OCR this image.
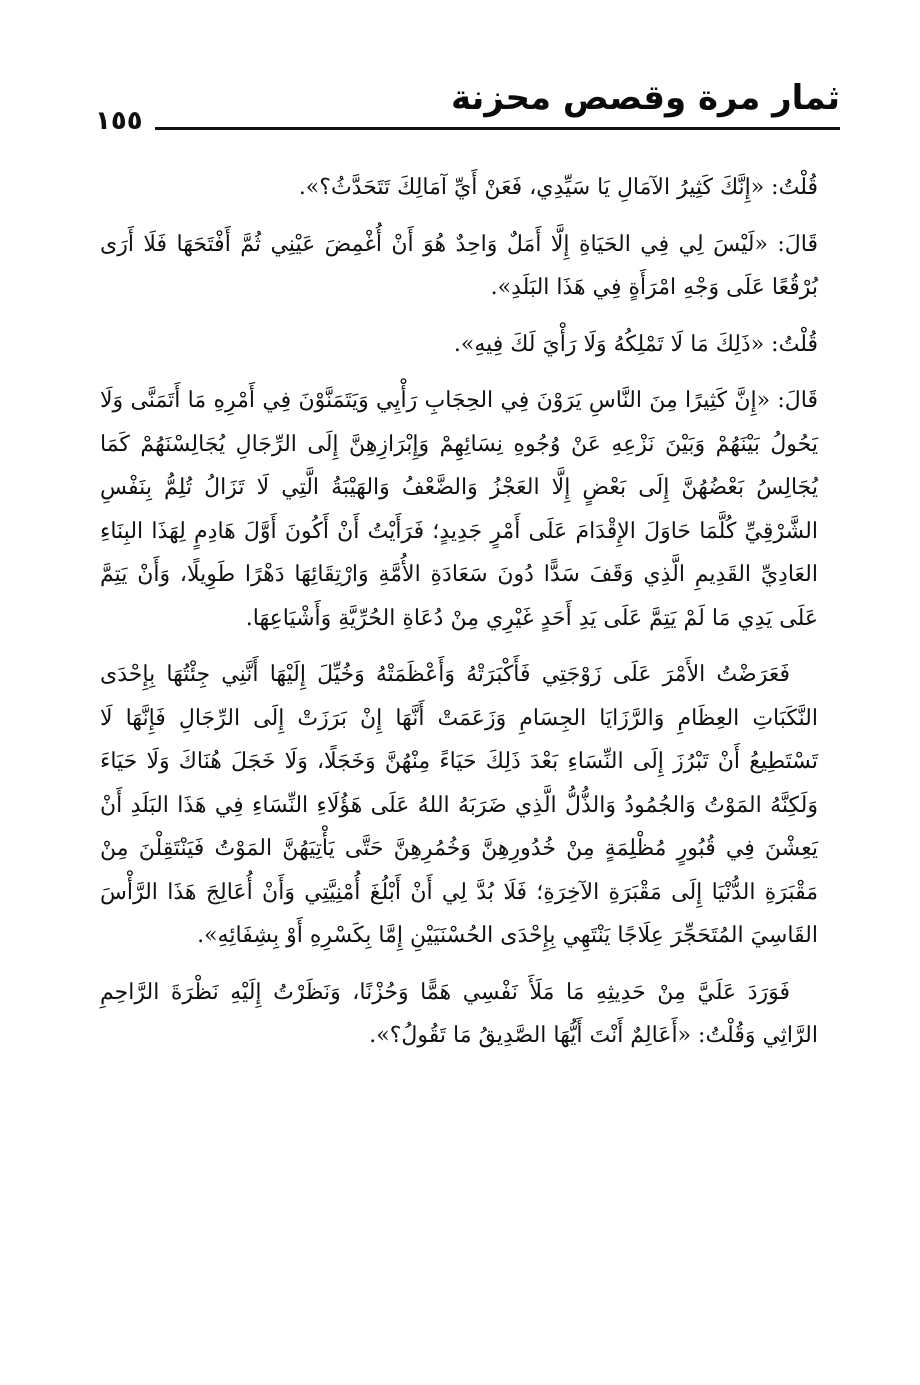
ثمار مرة وقصص محزنة
١٥٥

قُلْتُ: «إِنَّكَ كَثِيرُ الآمَالِ يَا سَيِّدِي، فَعَنْ أَيِّ آمَالِكَ تَتَحَدَّثُ؟».

قَالَ: «لَيْسَ لِي فِي الحَيَاةِ إِلَّا أَمَلٌ وَاحِدٌ هُوَ أَنْ أُغْمِضَ عَيْنِي ثُمَّ أَفْتَحَهَا فَلَا أَرَى بُرْقُعًا عَلَى وَجْهِ امْرَأَةٍ فِي هَذَا البَلَدِ».

قُلْتُ: «ذَلِكَ مَا لَا تَمْلِكُهُ وَلَا رَأْيَ لَكَ فِيهِ».

قَالَ: «إِنَّ كَثِيرًا مِنَ النَّاسِ يَرَوْنَ فِي الحِجَابِ رَأْيِي وَيَتَمَنَّوْنَ فِي أَمْرِهِ مَا أَتَمَنَّى وَلَا يَحُولُ بَيْنَهُمْ وَبَيْنَ نَزْعِهِ عَنْ وُجُوهِ نِسَائِهِمْ وَإِبْرَازِهِنَّ إِلَى الرِّجَالِ يُجَالِسْنَهُمْ كَمَا يُجَالِسُ بَعْضُهُنَّ إِلَى بَعْضٍ إِلَّا العَجْزُ وَالضَّعْفُ وَالهَيْبَةُ الَّتِي لَا تَزَالُ تُلِمُّ بِنَفْسِ الشَّرْقِيِّ كُلَّمَا حَاوَلَ الإِقْدَامَ عَلَى أَمْرٍ جَدِيدٍ؛ فَرَأَيْتُ أَنْ أَكُونَ أَوَّلَ هَادِمٍ لِهَذَا البِنَاءِ العَادِيِّ القَدِيمِ الَّذِي وَقَفَ سَدًّا دُونَ سَعَادَةِ الأُمَّةِ وَارْتِقَائِهَا دَهْرًا طَوِيلًا، وَأَنْ يَتِمَّ عَلَى يَدِي مَا لَمْ يَتِمَّ عَلَى يَدِ أَحَدٍ غَيْرِي مِنْ دُعَاةِ الحُرِّيَّةِ وَأَشْيَاعِهَا.

فَعَرَضْتُ الأَمْرَ عَلَى زَوْجَتِي فَأَكْبَرَتْهُ وَأَعْظَمَتْهُ وَخُيِّلَ إِلَيْهَا أَنَّنِي جِئْتُهَا بِإِحْدَى النَّكَبَاتِ العِظَامِ وَالرَّزَايَا الجِسَامِ وَزَعَمَتْ أَنَّهَا إِنْ بَرَزَتْ إِلَى الرِّجَالِ فَإِنَّهَا لَا تَسْتَطِيعُ أَنْ تَبْرُزَ إِلَى النِّسَاءِ بَعْدَ ذَلِكَ حَيَاءً مِنْهُنَّ وَخَجَلًا، وَلَا خَجَلَ هُنَاكَ وَلَا حَيَاءَ وَلَكِنَّهُ المَوْتُ وَالجُمُودُ وَالذُّلُّ الَّذِي ضَرَبَهُ اللهُ عَلَى هَؤُلَاءِ النِّسَاءِ فِي هَذَا البَلَدِ أَنْ يَعِشْنَ فِي قُبُورٍ مُظْلِمَةٍ مِنْ خُدُورِهِنَّ وَخُمُرِهِنَّ حَتَّى يَأْتِيَهُنَّ المَوْتُ فَيَنْتَقِلْنَ مِنْ مَقْبَرَةِ الدُّنْيَا إِلَى مَقْبَرَةِ الآخِرَةِ؛ فَلَا بُدَّ لِي أَنْ أَبْلُغَ أُمْنِيَّتِي وَأَنْ أُعَالِجَ هَذَا الرَّأْسَ القَاسِيَ المُتَحَجِّرَ عِلَاجًا يَنْتَهِي بِإِحْدَى الحُسْنَيَيْنِ إِمَّا بِكَسْرِهِ أَوْ بِشِفَائِهِ».

فَوَرَدَ عَلَيَّ مِنْ حَدِيثِهِ مَا مَلَأَ نَفْسِي هَمًّا وَحُزْنًا، وَنَظَرْتُ إِلَيْهِ نَظْرَةَ الرَّاحِمِ الرَّاثِي وَقُلْتُ: «أَعَالِمٌ أَنْتَ أَيُّهَا الصَّدِيقُ مَا تَقُولُ؟».
